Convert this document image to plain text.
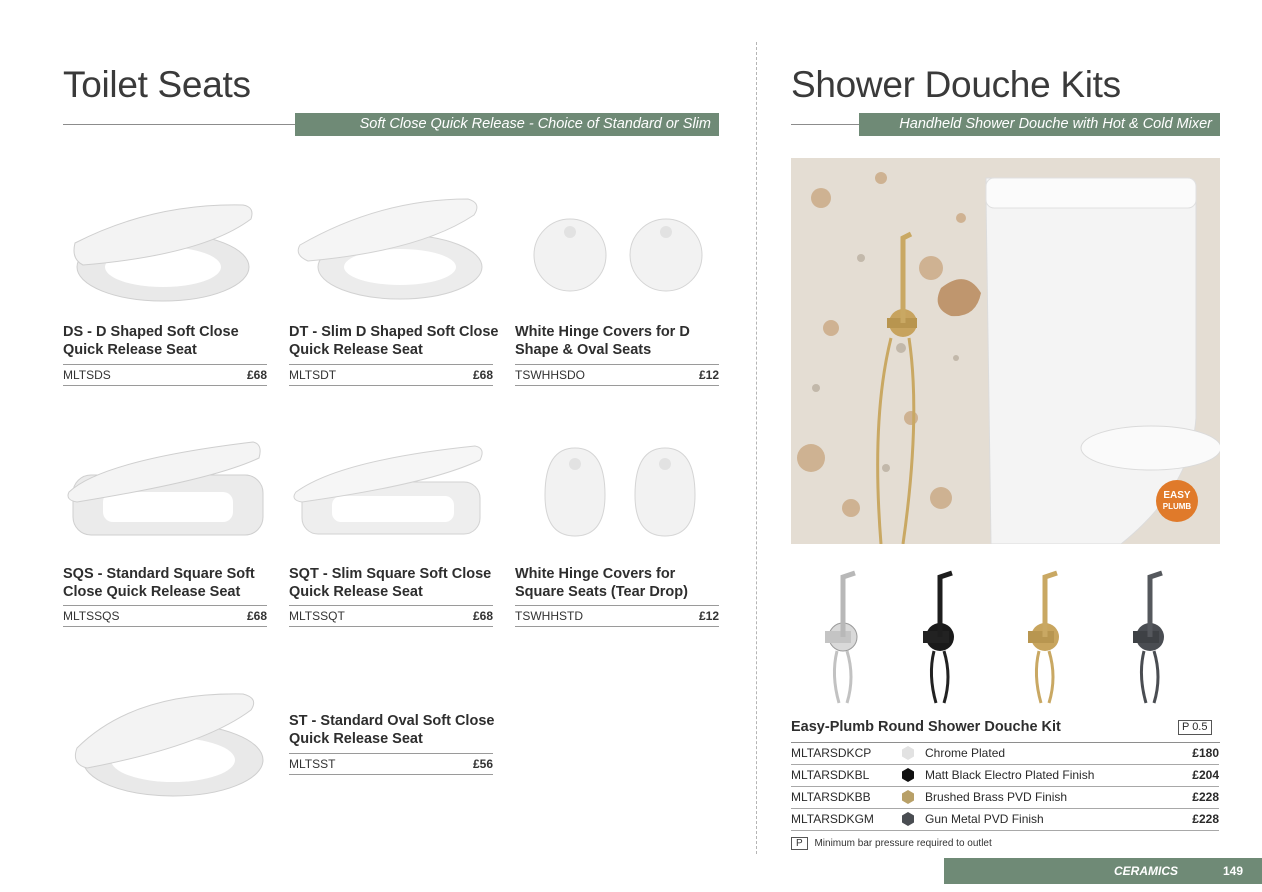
Toilet Seats
Soft Close Quick Release - Choice of Standard or Slim
DS - D Shaped Soft Close Quick Release Seat
MLTSDS	£68
DT - Slim D Shaped Soft Close Quick Release Seat
MLTSDT	£68
White Hinge Covers for D Shape & Oval Seats
TSWHHSDO	£12
SQS - Standard Square Soft Close Quick Release Seat
MLTSSQS	£68
SQT - Slim Square Soft Close Quick Release Seat
MLTSSQT	£68
White Hinge Covers for Square Seats (Tear Drop)
TSWHHSTD	£12
ST - Standard Oval Soft Close Quick Release Seat
MLTSST	£56
Shower Douche Kits
Handheld Shower Douche with Hot & Cold Mixer
EASY
PLUMB
Easy-Plumb Round Shower Douche Kit	P 0.5
MLTARSDKCP	Chrome Plated	£180
MLTARSDKBL	Matt Black Electro Plated Finish	£204
MLTARSDKBB	Brushed Brass PVD Finish	£228
MLTARSDKGM	Gun Metal PVD Finish	£228
P Minimum bar pressure required to outlet
CERAMICS	149
